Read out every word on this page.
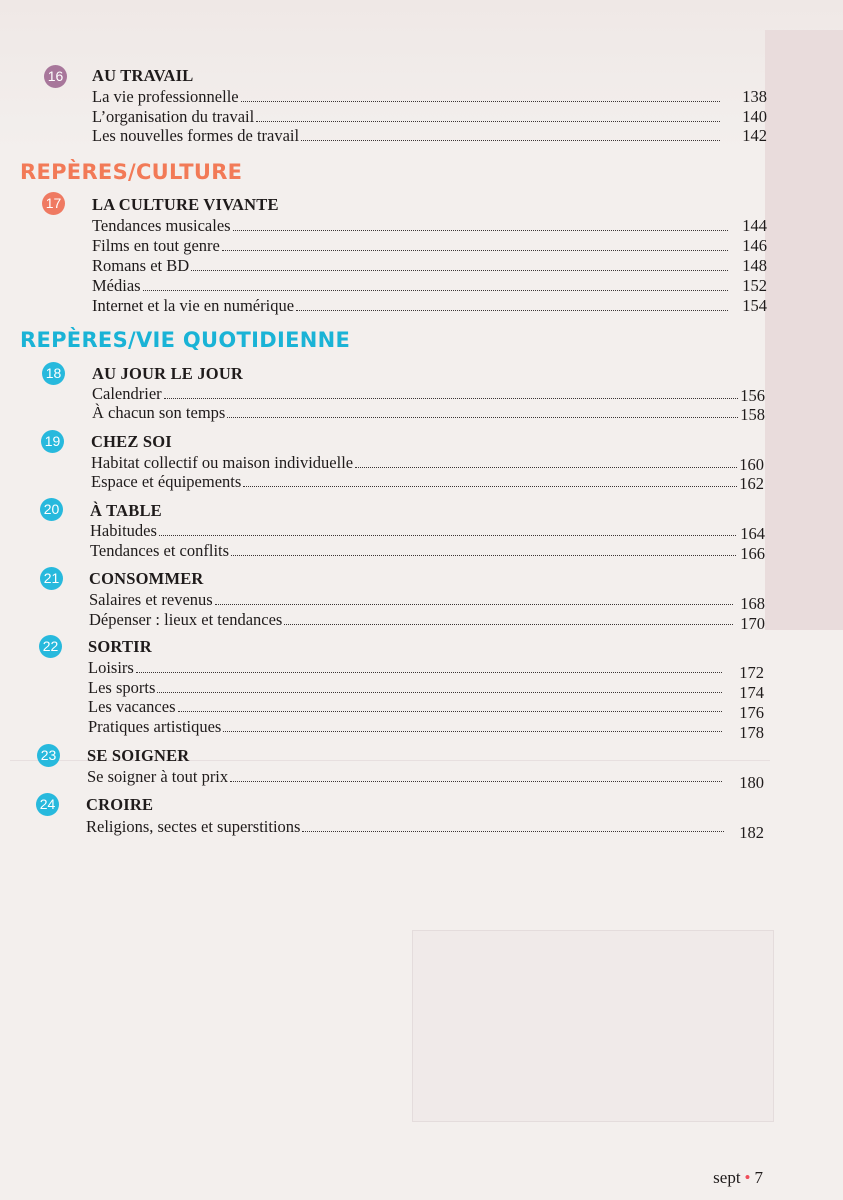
REPÈRES/CULTURE
REPÈRES/VIE QUOTIDIENNE
16 AU TRAVAIL
La vie professionnelle	138
L’organisation du travail	140
Les nouvelles formes de travail	142
17 LA CULTURE VIVANTE
Tendances musicales	144
Films en tout genre	146
Romans et BD	148
Médias	152
Internet et la vie en numérique	154
18 AU JOUR LE JOUR
Calendrier	156
À chacun son temps	158
19 CHEZ SOI
Habitat collectif ou maison individuelle	160
Espace et équipements	162
20 À TABLE
Habitudes	164
Tendances et conflits	166
21 CONSOMMER
Salaires et revenus	168
Dépenser : lieux et tendances	170
22 SORTIR
Loisirs	172
Les sports	174
Les vacances	176
Pratiques artistiques	178
23 SE SOIGNER
Se soigner à tout prix	180
24 CROIRE
Religions, sectes et superstitions	182
sept • 7
